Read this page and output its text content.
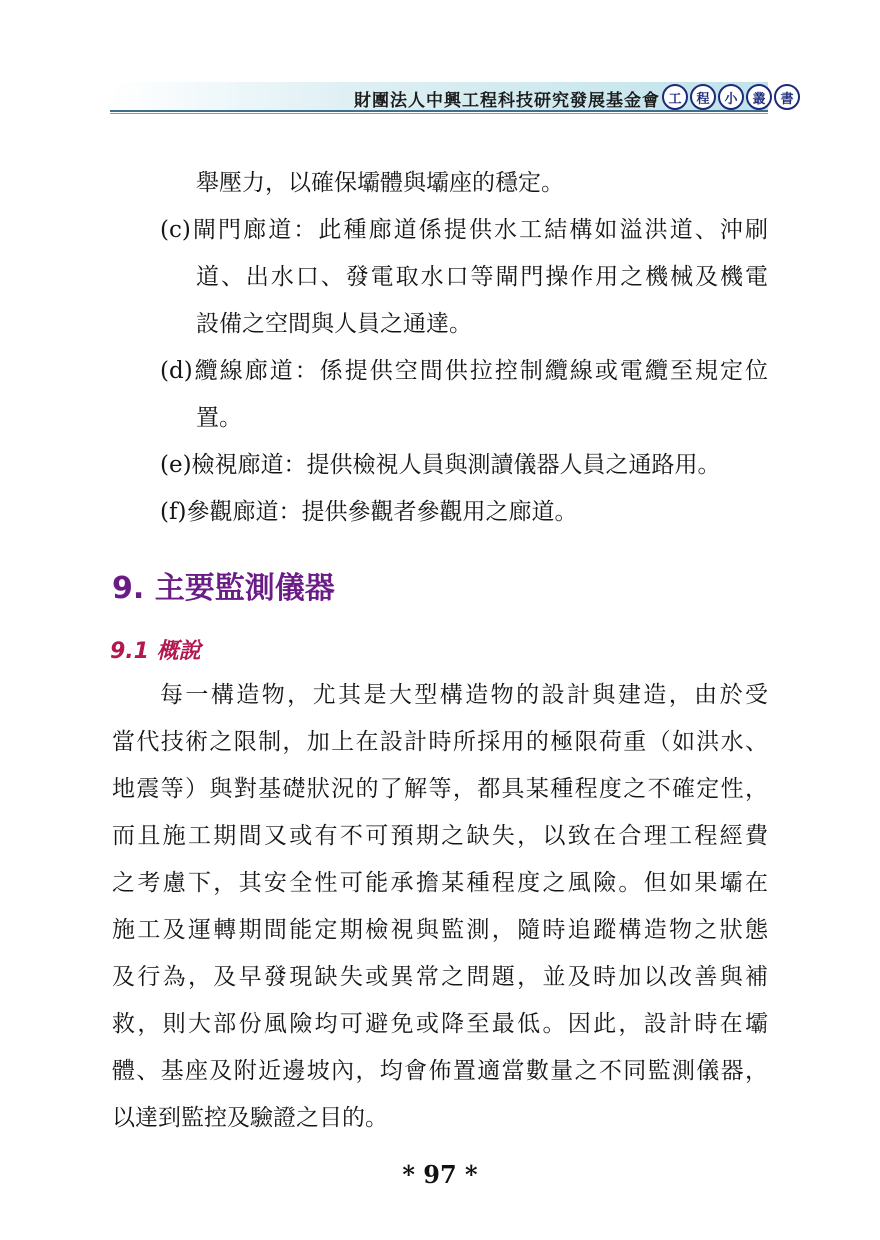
財團法人中興工程科技研究發展基金會 工	程	小	叢	書
舉壓力，以確保壩體與壩座的穩定。
(c)閘門廊道：此種廊道係提供水工結構如溢洪道、沖刷
道、出水口、發電取水口等閘門操作用之機械及機電
設備之空間與人員之通達。
(d)纜線廊道：係提供空間供拉控制纜線或電纜至規定位
置。
(e)檢視廊道：提供檢視人員與測讀儀器人員之通路用。
(f)參觀廊道：提供參觀者參觀用之廊道。
9. 主要監測儀器
9.1 概說
每一構造物，尤其是大型構造物的設計與建造，由於受
當代技術之限制，加上在設計時所採用的極限荷重（如洪水、
地震等）與對基礎狀況的了解等，都具某種程度之不確定性，
而且施工期間又或有不可預期之缺失，以致在合理工程經費
之考慮下，其安全性可能承擔某種程度之風險。但如果壩在
施工及運轉期間能定期檢視與監測，隨時追蹤構造物之狀態
及行為，及早發現缺失或異常之問題，並及時加以改善與補
救，則大部份風險均可避免或降至最低。因此，設計時在壩
體、基座及附近邊坡內，均會佈置適當數量之不同監測儀器，
以達到監控及驗證之目的。
* 97 *
